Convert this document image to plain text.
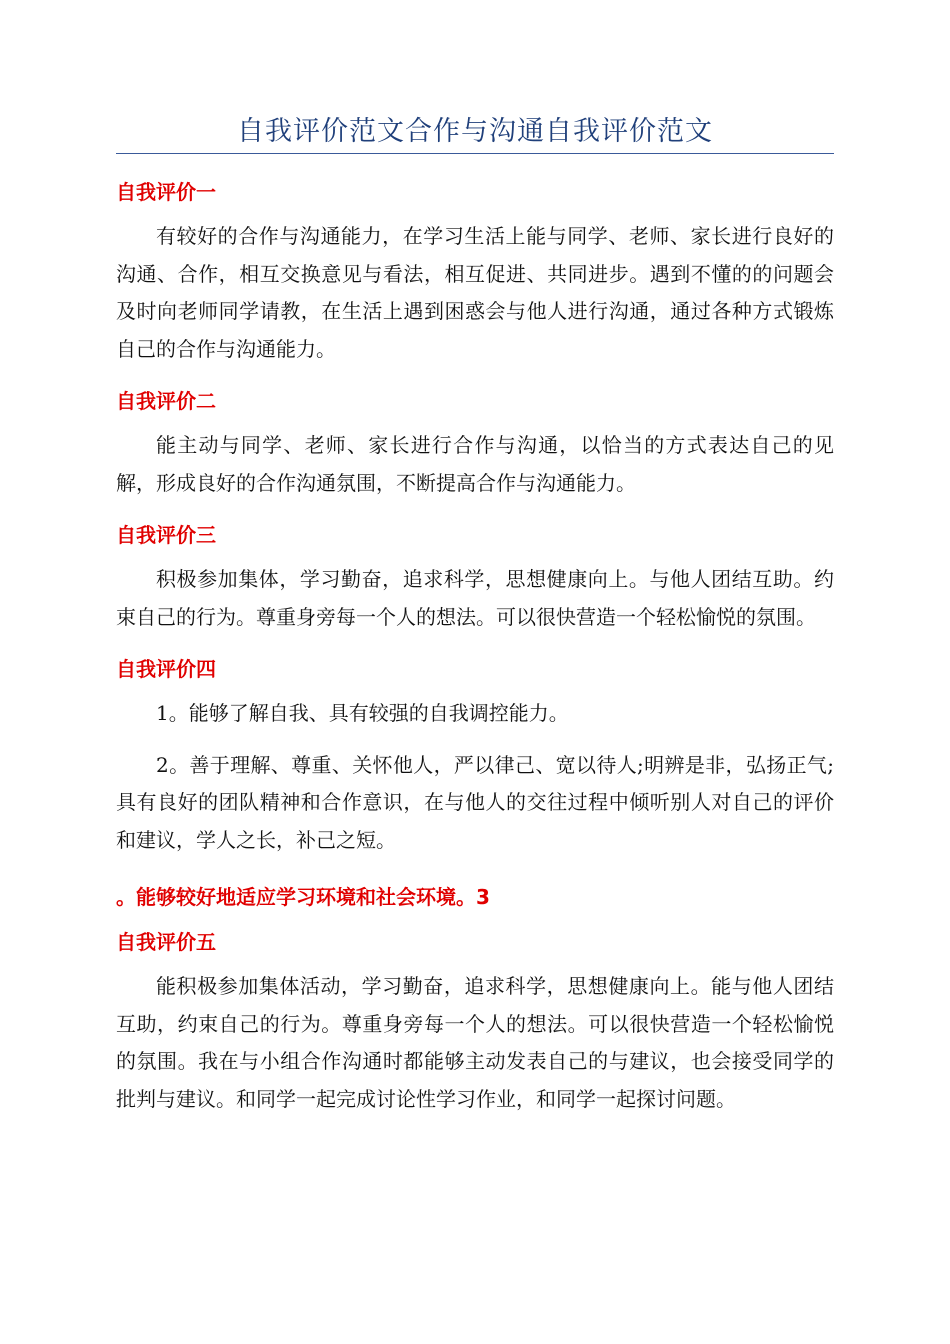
自我评价范文合作与沟通自我评价范文
自我评价一

有较好的合作与沟通能力，在学习生活上能与同学、老师、家长进行良好的沟通、合作，相互交换意见与看法，相互促进、共同进步。遇到不懂的的问题会及时向老师同学请教，在生活上遇到困惑会与他人进行沟通，通过各种方式锻炼自己的合作与沟通能力。

自我评价二

能主动与同学、老师、家长进行合作与沟通，以恰当的方式表达自己的见解，形成良好的合作沟通氛围，不断提高合作与沟通能力。

自我评价三

积极参加集体，学习勤奋，追求科学，思想健康向上。与他人团结互助。约束自己的行为。尊重身旁每一个人的想法。可以很快营造一个轻松愉悦的氛围。

自我评价四

1。能够了解自我、具有较强的自我调控能力。

2。善于理解、尊重、关怀他人，严以律己、宽以待人;明辨是非，弘扬正气;具有良好的团队精神和合作意识，在与他人的交往过程中倾听别人对自己的评价和建议，学人之长，补己之短。

。能够较好地适应学习环境和社会环境。3
自我评价五

能积极参加集体活动，学习勤奋，追求科学，思想健康向上。能与他人团结互助，约束自己的行为。尊重身旁每一个人的想法。可以很快营造一个轻松愉悦的氛围。我在与小组合作沟通时都能够主动发表自己的与建议，也会接受同学的批判与建议。和同学一起完成讨论性学习作业，和同学一起探讨问题。
